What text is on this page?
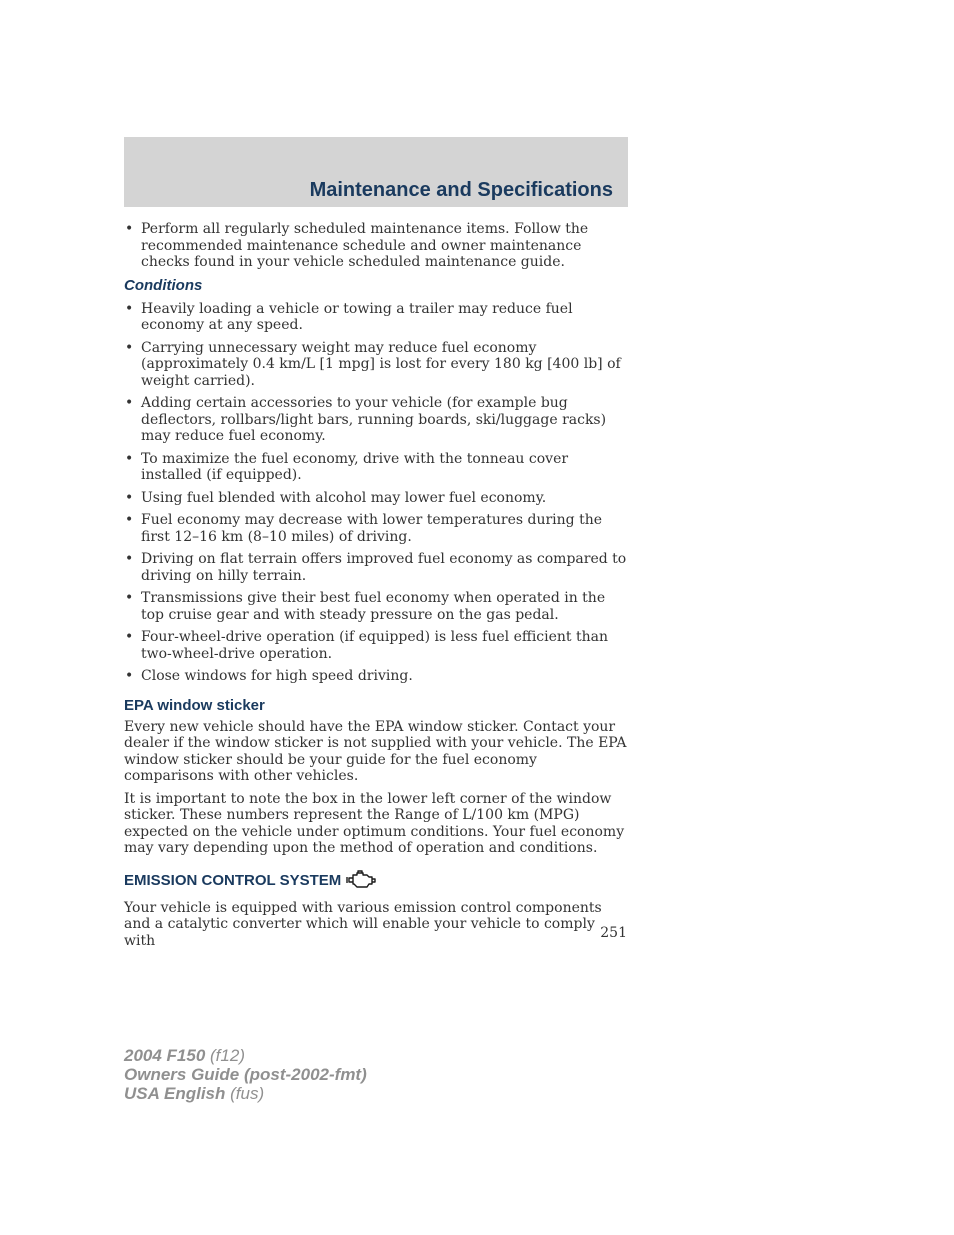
Maintenance and Specifications
• Perform all regularly scheduled maintenance items. Follow the recommended maintenance schedule and owner maintenance checks found in your vehicle scheduled maintenance guide.
Conditions
• Heavily loading a vehicle or towing a trailer may reduce fuel economy at any speed.
• Carrying unnecessary weight may reduce fuel economy (approximately 0.4 km/L [1 mpg] is lost for every 180 kg [400 lb] of weight carried).
• Adding certain accessories to your vehicle (for example bug deflectors, rollbars/light bars, running boards, ski/luggage racks) may reduce fuel economy.
• To maximize the fuel economy, drive with the tonneau cover installed (if equipped).
• Using fuel blended with alcohol may lower fuel economy.
• Fuel economy may decrease with lower temperatures during the first 12–16 km (8–10 miles) of driving.
• Driving on flat terrain offers improved fuel economy as compared to driving on hilly terrain.
• Transmissions give their best fuel economy when operated in the top cruise gear and with steady pressure on the gas pedal.
• Four-wheel-drive operation (if equipped) is less fuel efficient than two-wheel-drive operation.
• Close windows for high speed driving.
EPA window sticker

Every new vehicle should have the EPA window sticker. Contact your dealer if the window sticker is not supplied with your vehicle. The EPA window sticker should be your guide for the fuel economy comparisons with other vehicles.

It is important to note the box in the lower left corner of the window sticker. These numbers represent the Range of L/100 km (MPG) expected on the vehicle under optimum conditions. Your fuel economy may vary depending upon the method of operation and conditions.

EMISSION CONTROL SYSTEM

Your vehicle is equipped with various emission control components and a catalytic converter which will enable your vehicle to comply with	251
2004 F150 (f12)
Owners Guide (post-2002-fmt)
USA English (fus)
